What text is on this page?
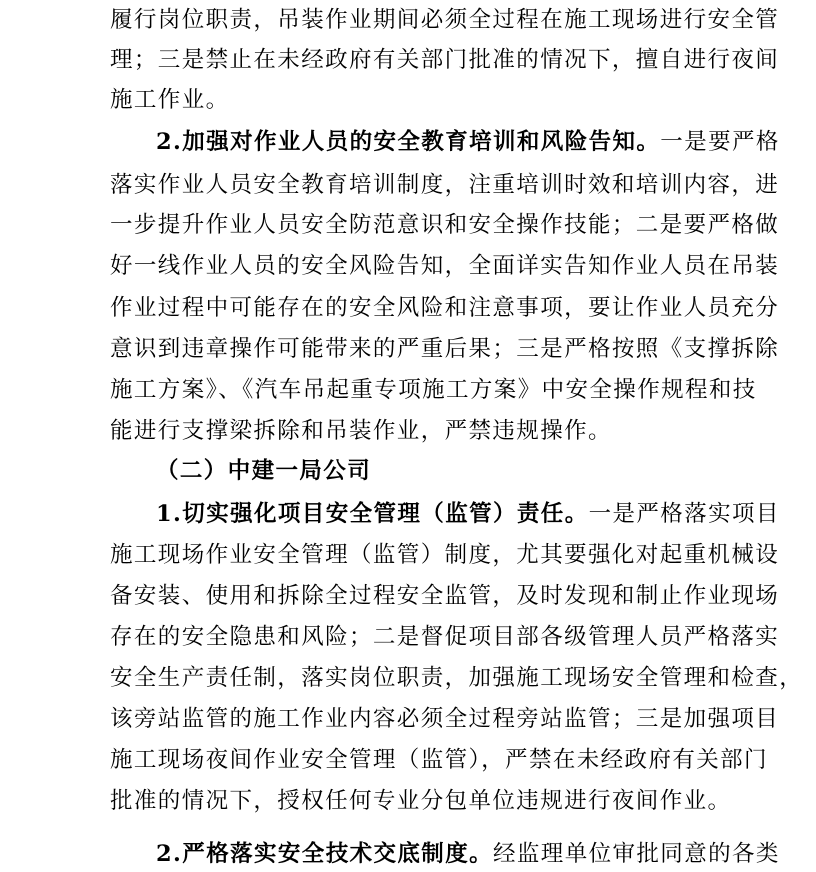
履行岗位职责，吊装作业期间必须全过程在施工现场进行安全管
理；三是禁止在未经政府有关部门批准的情况下，擅自进行夜间
施工作业。
2.加强对作业人员的安全教育培训和风险告知。一是要严格
落实作业人员安全教育培训制度，注重培训时效和培训内容，进
一步提升作业人员安全防范意识和安全操作技能；二是要严格做
好一线作业人员的安全风险告知，全面详实告知作业人员在吊装
作业过程中可能存在的安全风险和注意事项，要让作业人员充分
意识到违章操作可能带来的严重后果；三是严格按照《支撑拆除
施工方案》、《汽车吊起重专项施工方案》中安全操作规程和技
能进行支撑梁拆除和吊装作业，严禁违规操作。
（二）中建一局公司
1.切实强化项目安全管理（监管）责任。一是严格落实项目
施工现场作业安全管理（监管）制度，尤其要强化对起重机械设
备安装、使用和拆除全过程安全监管，及时发现和制止作业现场
存在的安全隐患和风险；二是督促项目部各级管理人员严格落实
安全生产责任制，落实岗位职责，加强施工现场安全管理和检查，
该旁站监管的施工作业内容必须全过程旁站监管；三是加强项目
施工现场夜间作业安全管理（监管），严禁在未经政府有关部门
批准的情况下，授权任何专业分包单位违规进行夜间作业。
2.严格落实安全技术交底制度。经监理单位审批同意的各类
